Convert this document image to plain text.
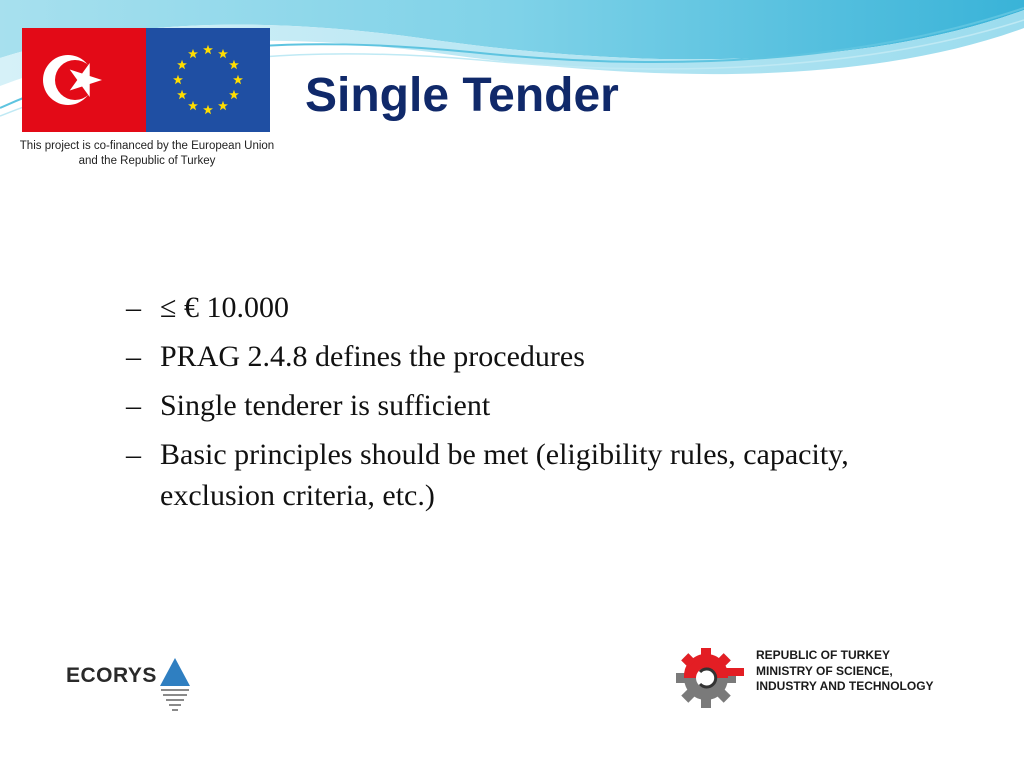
This project is co-financed by the European Union and the Republic of Turkey
Single Tender
– ≤ € 10.000
– PRAG 2.4.8 defines the procedures
– Single tenderer is sufficient
– Basic principles should be met (eligibility rules, capacity, exclusion criteria, etc.)
ECORYS
REPUBLIC OF TURKEY
MINISTRY OF SCIENCE,
INDUSTRY AND TECHNOLOGY
